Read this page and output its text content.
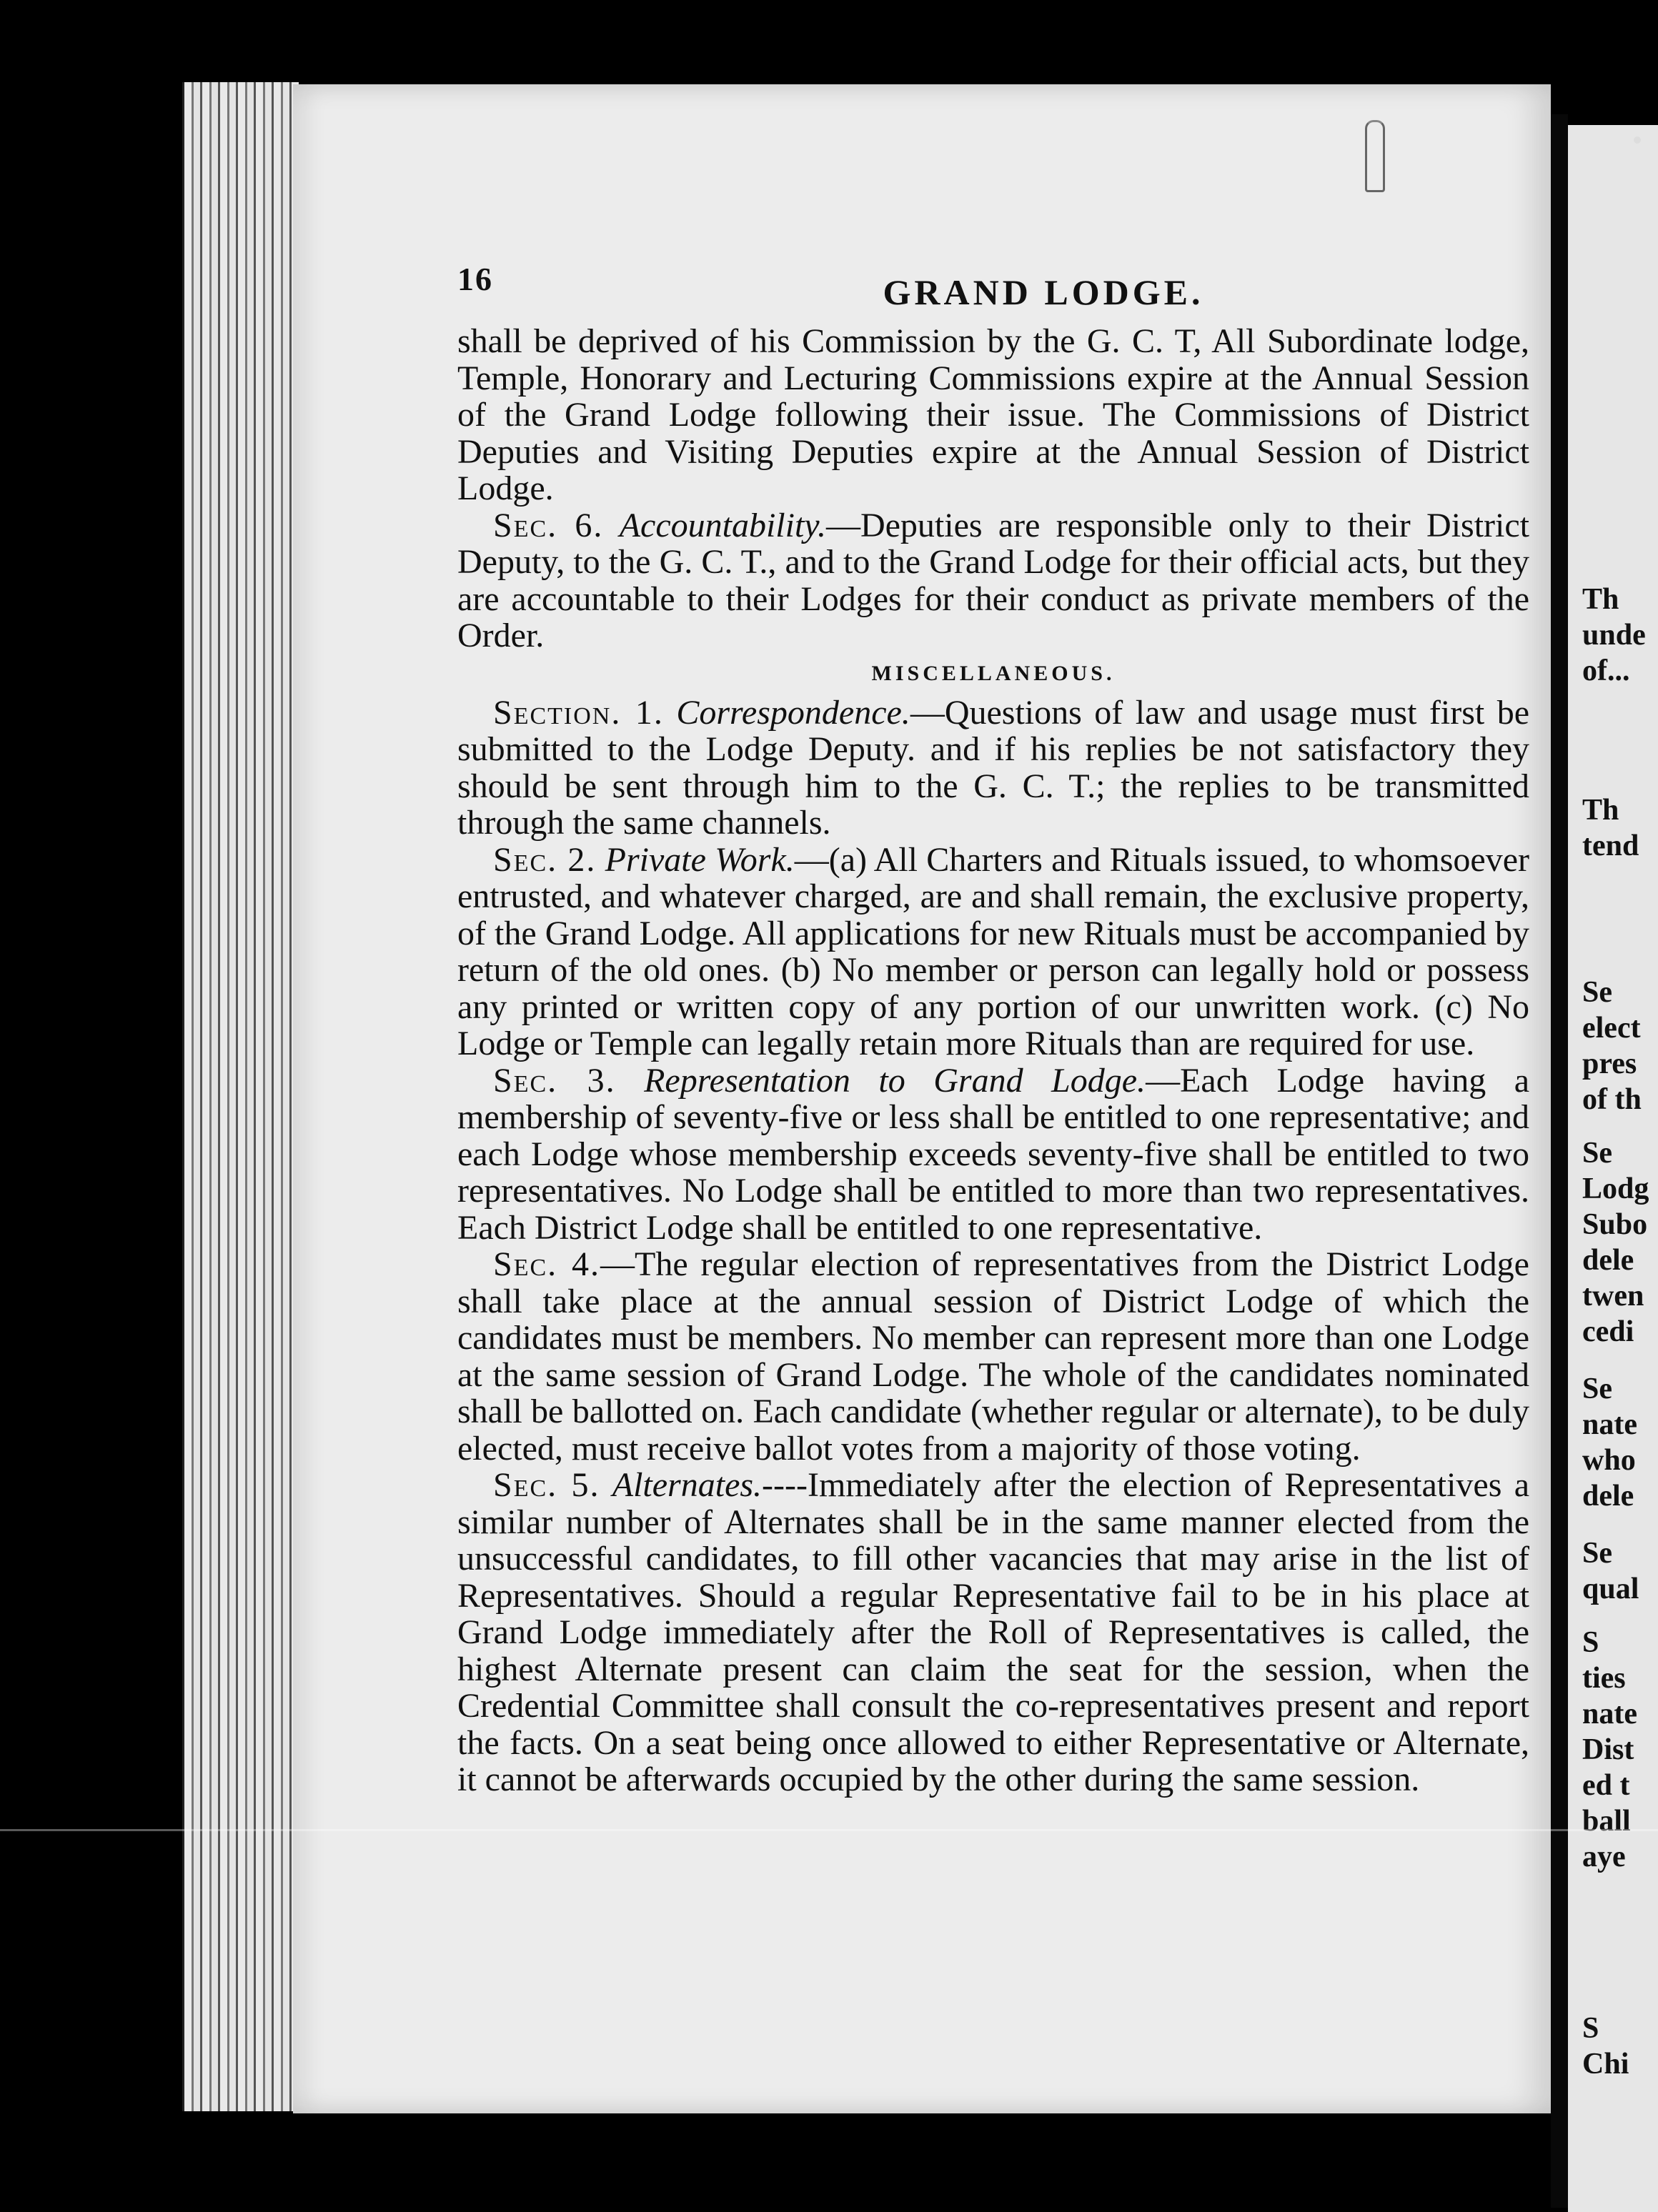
Th

unde

of...

Th

tend

Se

elect

pres

of th

Se

Lodg

Subo

dele

twen

cedi

Se

nate

who

dele

Se

qual

S

ties

nate

Dist

ed t

ball

aye

S

Chi

16	GRAND LODGE.

shall be deprived of his Commission by the G. C. T, All Subordinate lodge, Temple, Honorary and Lecturing Commissions expire at the Annual Session of the Grand Lodge following their issue. The Commissions of District Deputies and Visiting Deputies expire at the Annual Session of District Lodge.

Sec. 6. Accountability.—Deputies are responsible only to their District Deputy, to the G. C. T., and to the Grand Lodge for their official acts, but they are accountable to their Lodges for their conduct as private members of the Order.

MISCELLANEOUS.

Section. 1. Correspondence.—Questions of law and usage must first be submitted to the Lodge Deputy. and if his replies be not satisfactory they should be sent through him to the G. C. T.; the replies to be transmitted through the same channels.

Sec. 2. Private Work.—(a) All Charters and Rituals issued, to whomsoever entrusted, and whatever charged, are and shall remain, the exclusive property, of the Grand Lodge. All applications for new Rituals must be accompanied by return of the old ones. (b) No member or person can legally hold or possess any printed or written copy of any portion of our unwritten work. (c) No Lodge or Temple can legally retain more Rituals than are required for use.

Sec. 3. Representation to Grand Lodge.—Each Lodge having a membership of seventy-five or less shall be entitled to one representative; and each Lodge whose membership exceeds seventy-five shall be entitled to two representatives. No Lodge shall be entitled to more than two representatives. Each District Lodge shall be entitled to one representative.

Sec. 4.—The regular election of representatives from the District Lodge shall take place at the annual session of District Lodge of which the candidates must be members. No member can represent more than one Lodge at the same session of Grand Lodge. The whole of the candidates nominated shall be ballotted on. Each candidate (whether regular or alternate), to be duly elected, must receive ballot votes from a majority of those voting.

Sec. 5. Alternates.----Immediately after the election of Representatives a similar number of Alternates shall be in the same manner elected from the unsuccessful candidates, to fill other vacancies that may arise in the list of Representatives. Should a regular Representative fail to be in his place at Grand Lodge immediately after the Roll of Representatives is called, the highest Alternate present can claim the seat for the session, when the Credential Committee shall consult the co-representatives present and report the facts. On a seat being once allowed to either Representative or Alternate, it cannot be afterwards occupied by the other during the same session.
